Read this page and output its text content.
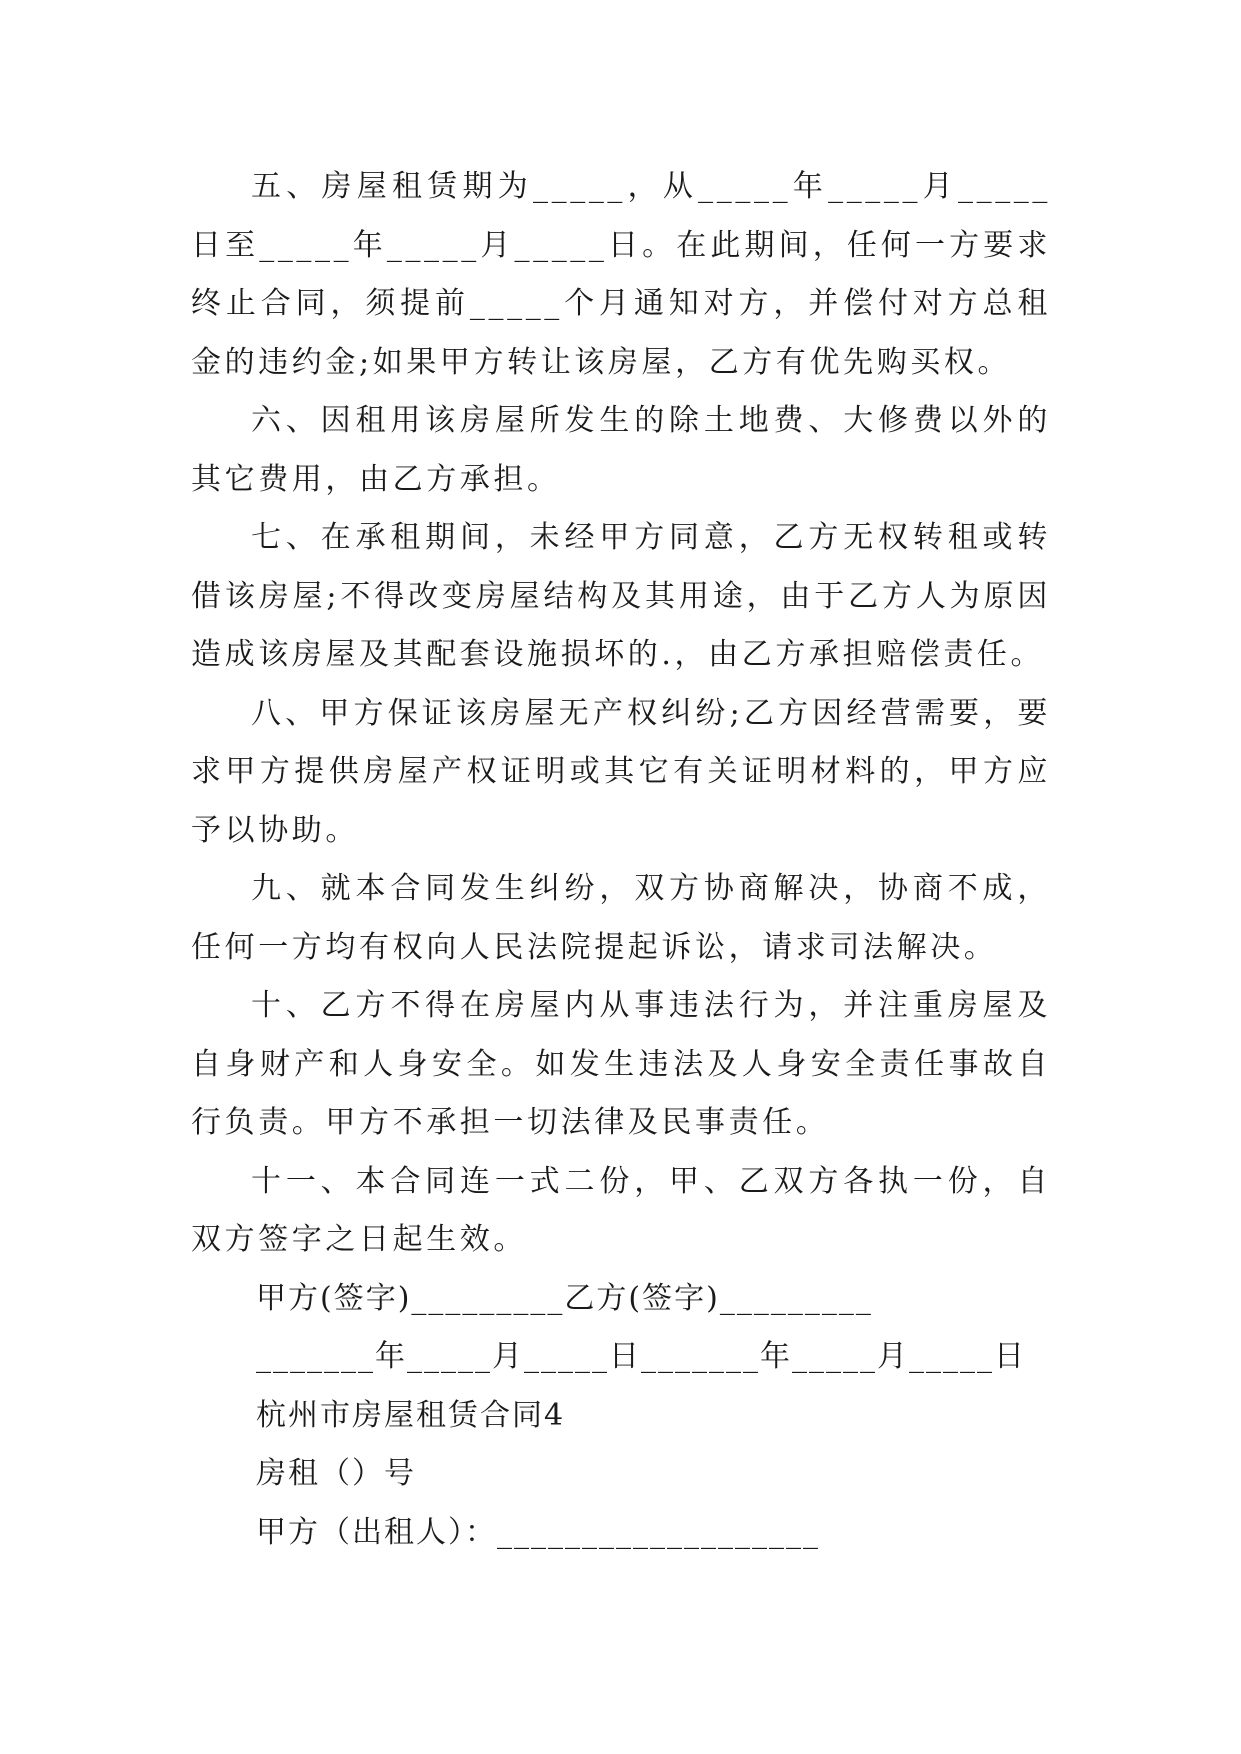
五、房屋租赁期为_____，从_____年_____月_____日至_____年_____月_____日。在此期间，任何一方要求终止合同，须提前_____个月通知对方，并偿付对方总租金的违约金;如果甲方转让该房屋，乙方有优先购买权。

六、因租用该房屋所发生的除土地费、大修费以外的其它费用，由乙方承担。

七、在承租期间，未经甲方同意，乙方无权转租或转借该房屋;不得改变房屋结构及其用途，由于乙方人为原因造成该房屋及其配套设施损坏的.，由乙方承担赔偿责任。

八、甲方保证该房屋无产权纠纷;乙方因经营需要，要求甲方提供房屋产权证明或其它有关证明材料的，甲方应予以协助。

九、就本合同发生纠纷，双方协商解决，协商不成，任何一方均有权向人民法院提起诉讼，请求司法解决。

十、乙方不得在房屋内从事违法行为，并注重房屋及自身财产和人身安全。如发生违法及人身安全责任事故自行负责。甲方不承担一切法律及民事责任。

十一、本合同连一式二份，甲、乙双方各执一份，自双方签字之日起生效。

甲方(签字)_________乙方(签字)_________

_______年_____月_____日_______年_____月_____日

杭州市房屋租赁合同4

房租（）号

甲方（出租人）：___________________
